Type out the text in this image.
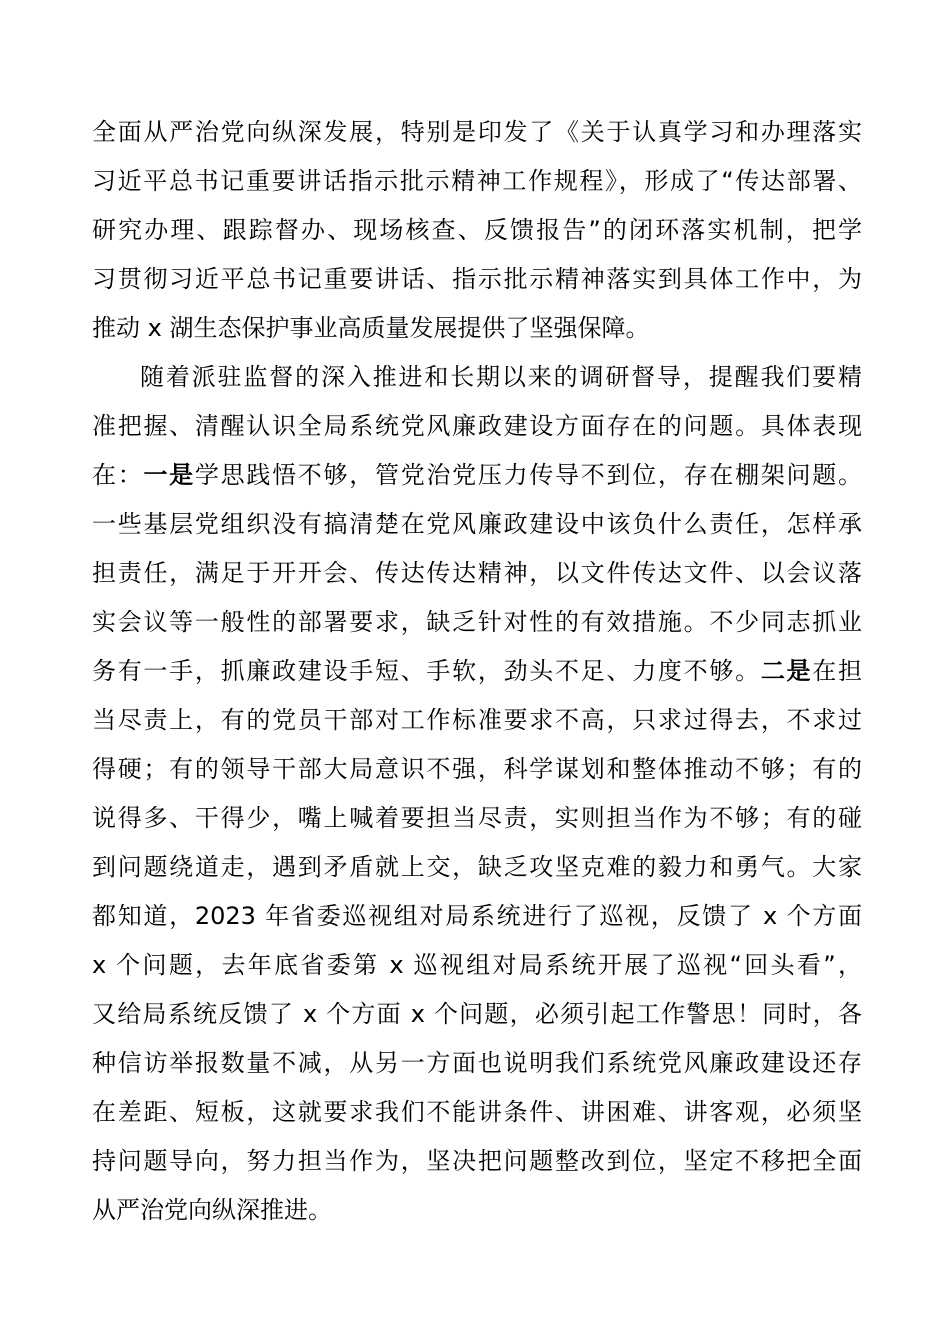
全面从严治党向纵深发展，特别是印发了《关于认真学习和办理落实
习近平总书记重要讲话指示批示精神工作规程》，形成了“传达部署、
研究办理、跟踪督办、现场核查、反馈报告”的闭环落实机制，把学
习贯彻习近平总书记重要讲话、指示批示精神落实到具体工作中，为
推动 x 湖生态保护事业高质量发展提供了坚强保障。
随着派驻监督的深入推进和长期以来的调研督导，提醒我们要精
准把握、清醒认识全局系统党风廉政建设方面存在的问题。具体表现
在：一是学思践悟不够，管党治党压力传导不到位，存在棚架问题。
一些基层党组织没有搞清楚在党风廉政建设中该负什么责任，怎样承
担责任，满足于开开会、传达传达精神，以文件传达文件、以会议落
实会议等一般性的部署要求，缺乏针对性的有效措施。不少同志抓业
务有一手，抓廉政建设手短、手软，劲头不足、力度不够。二是在担
当尽责上，有的党员干部对工作标准要求不高，只求过得去，不求过
得硬；有的领导干部大局意识不强，科学谋划和整体推动不够；有的
说得多、干得少，嘴上喊着要担当尽责，实则担当作为不够；有的碰
到问题绕道走，遇到矛盾就上交，缺乏攻坚克难的毅力和勇气。大家
都知道，2023 年省委巡视组对局系统进行了巡视，反馈了 x 个方面
x 个问题，去年底省委第 x 巡视组对局系统开展了巡视“回头看”，
又给局系统反馈了 x 个方面 x 个问题，必须引起工作警思！同时，各
种信访举报数量不减，从另一方面也说明我们系统党风廉政建设还存
在差距、短板，这就要求我们不能讲条件、讲困难、讲客观，必须坚
持问题导向，努力担当作为，坚决把问题整改到位，坚定不移把全面
从严治党向纵深推进。
